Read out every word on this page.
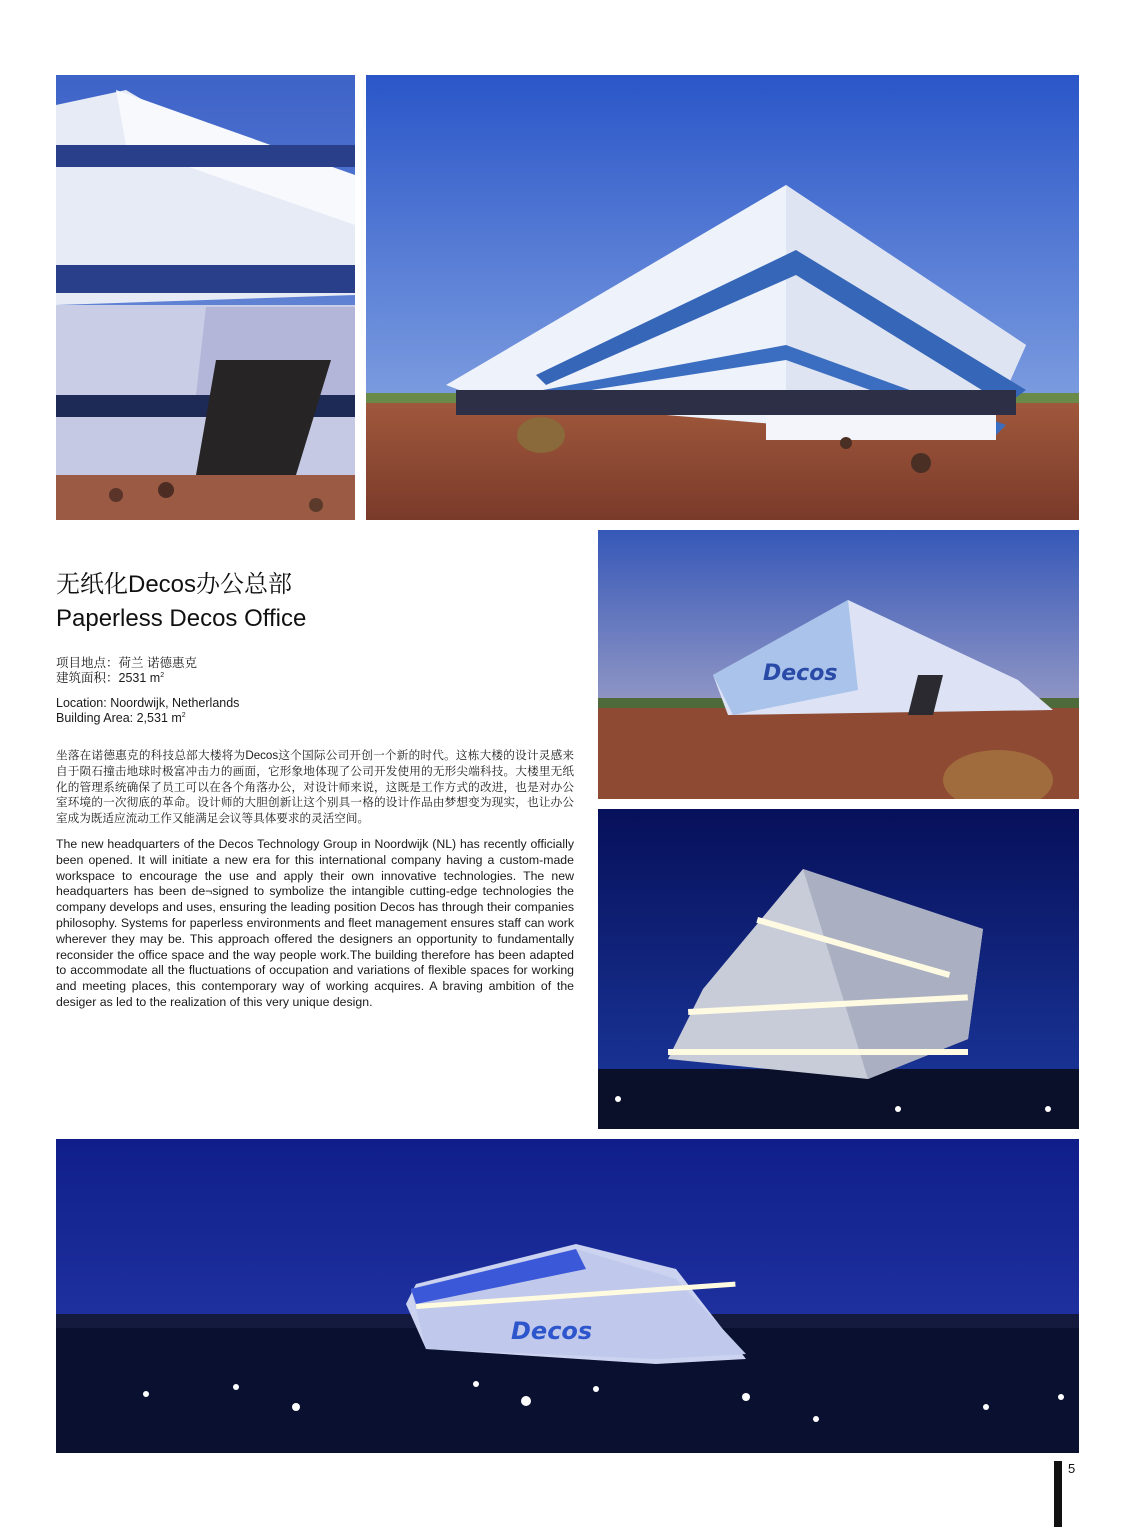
无纸化Decos办公总部
Paperless Decos Office
项目地点：荷兰 诺德惠克
建筑面积：2531 $m^2$
Location: Noordwijk, Netherlands
Building Area: 2,531 $m^2$

坐落在诺德惠克的科技总部大楼将为Decos这个国际公司开创一个新的时代。这栋大楼的设计灵感来自于陨石撞击地球时极富冲击力的画面，它形象地体现了公司开发使用的无形尖端科技。大楼里无纸化的管理系统确保了员工可以在各个角落办公，对设计师来说，这既是工作方式的改进，也是对办公室环境的一次彻底的革命。设计师的大胆创新让这个别具一格的设计作品由梦想变为现实，也让办公室成为既适应流动工作又能满足会议等具体要求的灵活空间。

The new headquarters of the Decos Technology Group in Noordwijk (NL) has recently officially been opened. It will initiate a new era for this international company having a custom-made workspace to encourage the use and apply their own innovative technologies. The new headquarters has been de¬signed to symbolize the intangible cutting-edge technologies the company develops and uses, ensuring the leading position Decos has through their companies philosophy. Systems for paperless environments and fleet management ensures staff can work wherever they may be. This approach offered the designers an opportunity to fundamentally reconsider the office space and the way people work.The building therefore has been adapted to accommodate all the fluctuations of occupation and variations of flexible spaces for working and meeting places, this contemporary way of working acquires. A braving ambition of the desiger as led to the realization of this very unique design.

Decos
Decos
5
